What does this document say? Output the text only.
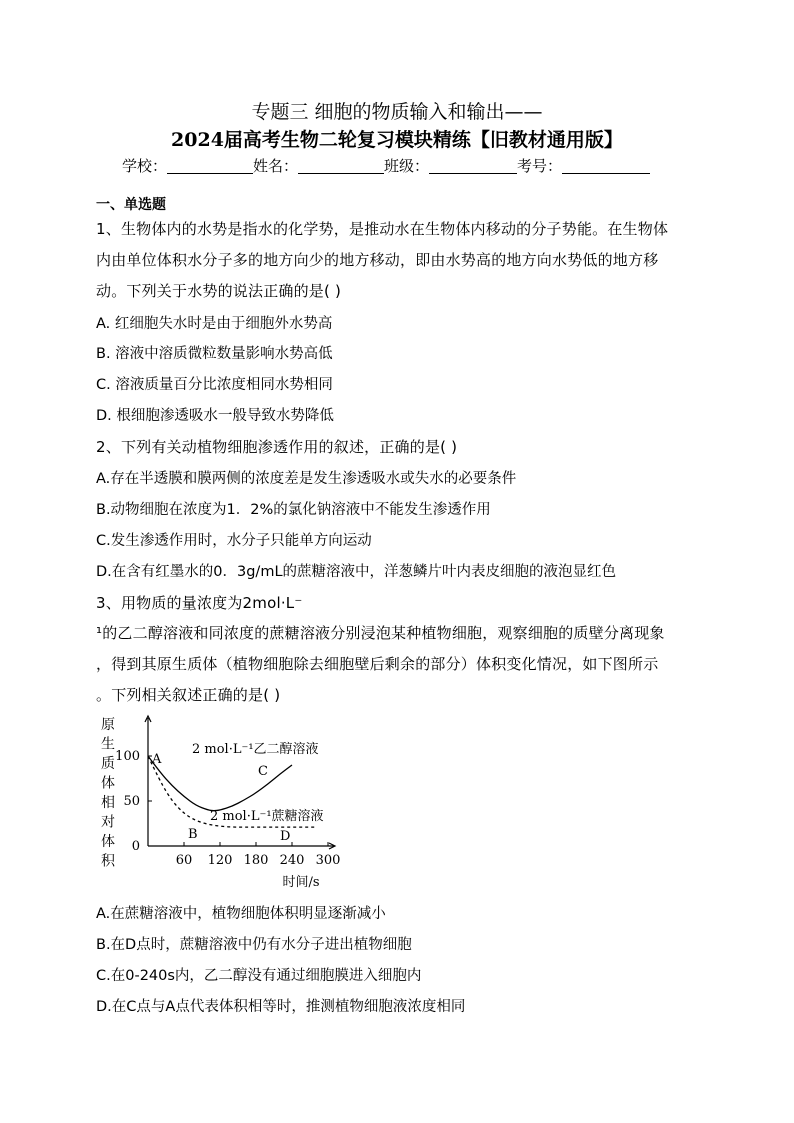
专题三 细胞的物质输入和输出——
2024届高考生物二轮复习模块精练【旧教材通用版】
学校：	姓名：	班级：	考号：
一、单选题
1、生物体内的水势是指水的化学势，是推动水在生物体内移动的分子势能。在生物体
内由单位体积水分子多的地方向少的地方移动，即由水势高的地方向水势低的地方移
动。下列关于水势的说法正确的是( )
A. 红细胞失水时是由于细胞外水势高
B. 溶液中溶质微粒数量影响水势高低
C. 溶液质量百分比浓度相同水势相同
D. 根细胞渗透吸水一般导致水势降低
2、下列有关动植物细胞渗透作用的叙述，正确的是( )
A.存在半透膜和膜两侧的浓度差是发生渗透吸水或失水的必要条件
B.动物细胞在浓度为1．2%的氯化钠溶液中不能发生渗透作用
C.发生渗透作用时，水分子只能单方向运动
D.在含有红墨水的0．3g/mL的蔗糖溶液中，洋葱鳞片叶内表皮细胞的液泡显红色
3、用物质的量浓度为2mol·L⁻
¹的乙二醇溶液和同浓度的蔗糖溶液分别浸泡某种植物细胞，观察细胞的质壁分离现象
，得到其原生质体（植物细胞除去细胞壁后剩余的部分）体积变化情况，如下图所示
。下列相关叙述正确的是( )
原
生
质
体
相
对
体
积
0
50
100
60 120 180 240 300
2 mol·L⁻¹乙二醇溶液
2 mol·L⁻¹蔗糖溶液
A
B
C
D
时间/s
A.在蔗糖溶液中，植物细胞体积明显逐渐减小
B.在D点时，蔗糖溶液中仍有水分子进出植物细胞
C.在0-240s内，乙二醇没有通过细胞膜进入细胞内
D.在C点与A点代表体积相等时，推测植物细胞液浓度相同
